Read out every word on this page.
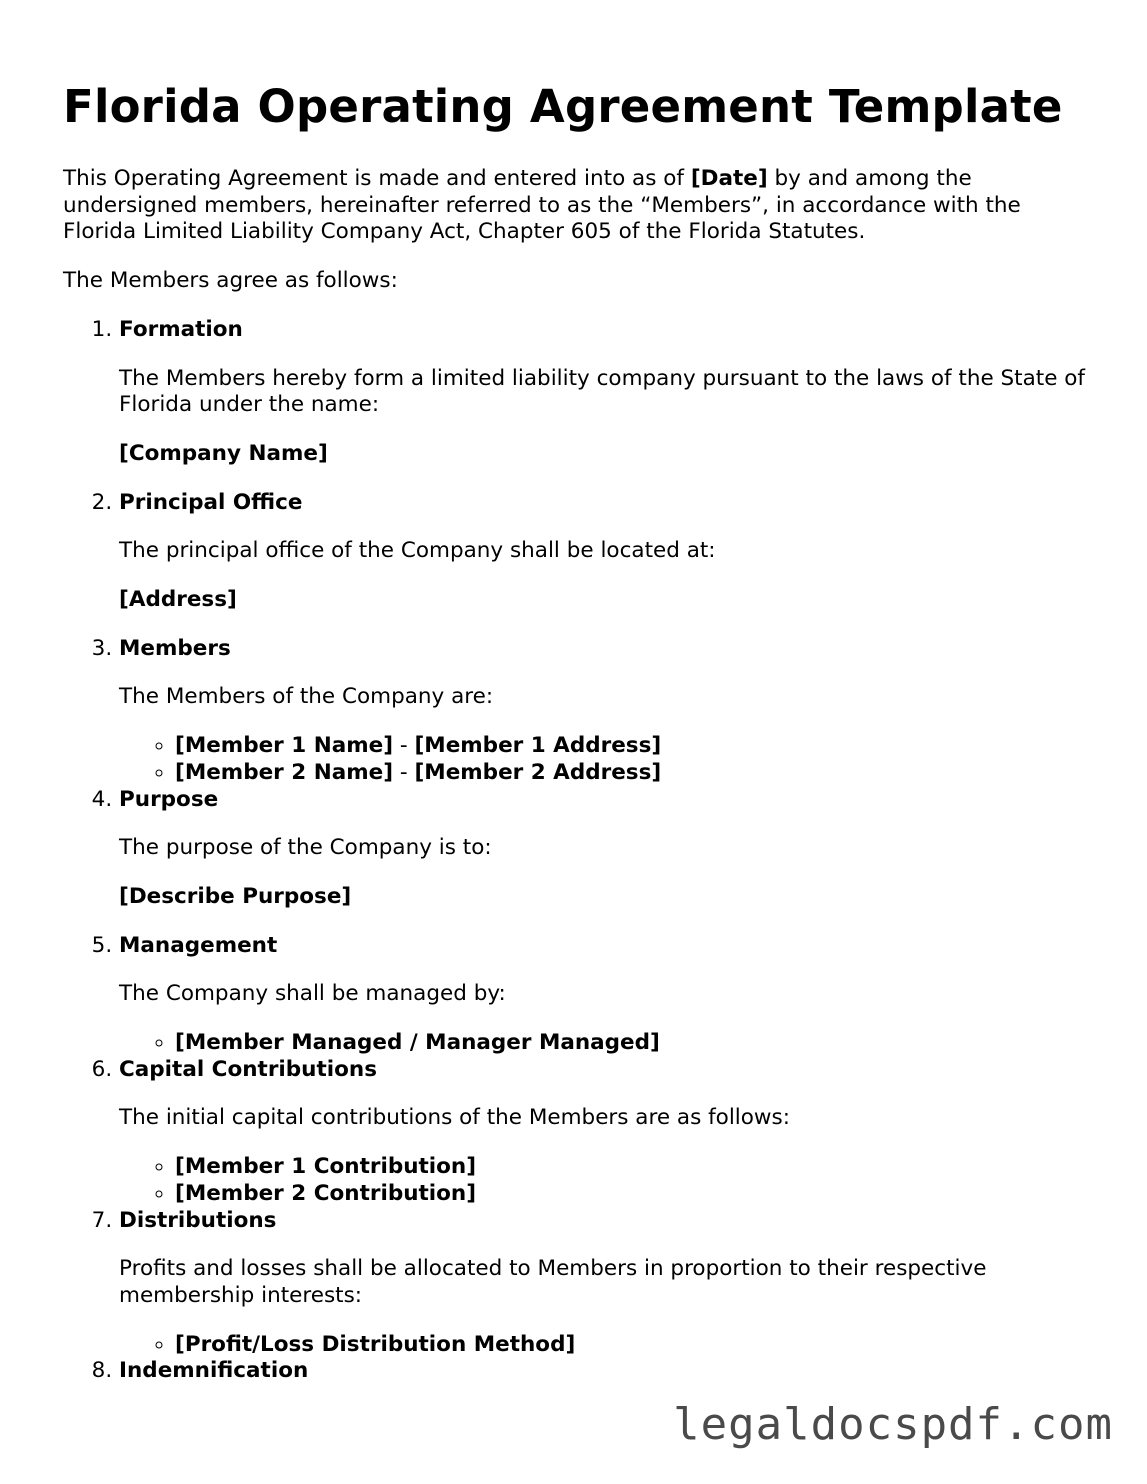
Florida Operating Agreement Template

This Operating Agreement is made and entered into as of [Date] by and among the undersigned members, hereinafter referred to as the “Members”, in accordance with the Florida Limited Liability Company Act, Chapter 605 of the Florida Statutes.

The Members agree as follows:

1. Formation

The Members hereby form a limited liability company pursuant to the laws of the State of Florida under the name:

[Company Name]

2. Principal Office

The principal office of the Company shall be located at:

[Address]

3. Members

The Members of the Company are:

◦ [Member 1 Name] - [Member 1 Address]
◦ [Member 2 Name] - [Member 2 Address]
4. Purpose

The purpose of the Company is to:

[Describe Purpose]

5. Management

The Company shall be managed by:

◦ [Member Managed / Manager Managed]
6. Capital Contributions

The initial capital contributions of the Members are as follows:

◦ [Member 1 Contribution]
◦ [Member 2 Contribution]
7. Distributions

Profits and losses shall be allocated to Members in proportion to their respective membership interests:

◦ [Profit/Loss Distribution Method]
8. Indemnification
legaldocspdf.com
